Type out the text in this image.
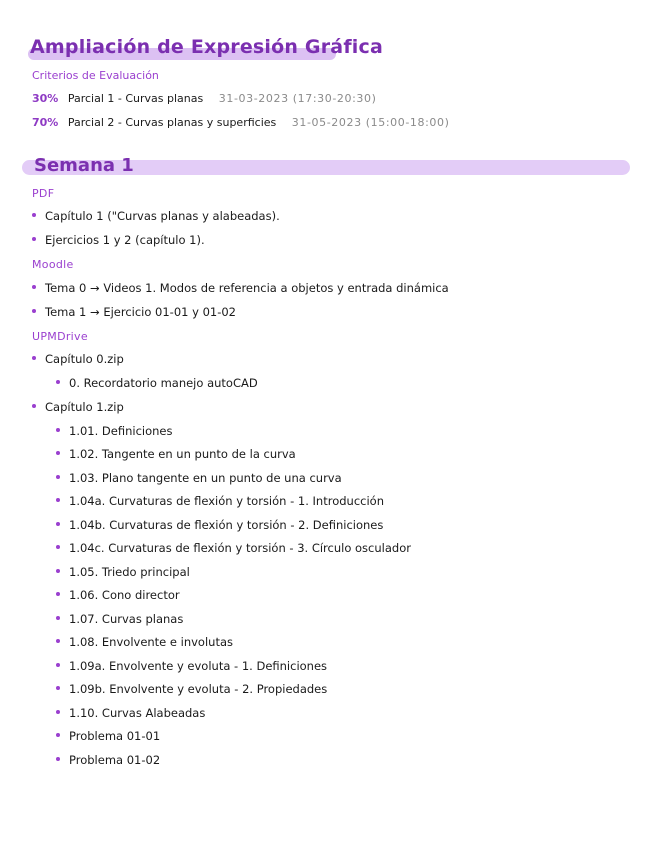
Ampliación de Expresión Gráfica
Criterios de Evaluación
30% Parcial 1 - Curvas planas 31-03-2023 (17:30-20:30)
70% Parcial 2 - Curvas planas y superficies 31-05-2023 (15:00-18:00)
Semana 1
PDF
Capítulo 1 ("Curvas planas y alabeadas).
Ejercicios 1 y 2 (capítulo 1).
Moodle
Tema 0 → Videos 1. Modos de referencia a objetos y entrada dinámica
Tema 1 → Ejercicio 01-01 y 01-02
UPMDrive
Capítulo 0.zip
0. Recordatorio manejo autoCAD
Capítulo 1.zip
1.01. Definiciones
1.02. Tangente en un punto de la curva
1.03. Plano tangente en un punto de una curva
1.04a. Curvaturas de flexión y torsión - 1. Introducción
1.04b. Curvaturas de flexión y torsión - 2. Definiciones
1.04c. Curvaturas de flexión y torsión - 3. Círculo osculador
1.05. Triedo principal
1.06. Cono director
1.07. Curvas planas
1.08. Envolvente e involutas
1.09a. Envolvente y evoluta - 1. Definiciones
1.09b. Envolvente y evoluta - 2. Propiedades
1.10. Curvas Alabeadas
Problema 01-01
Problema 01-02
